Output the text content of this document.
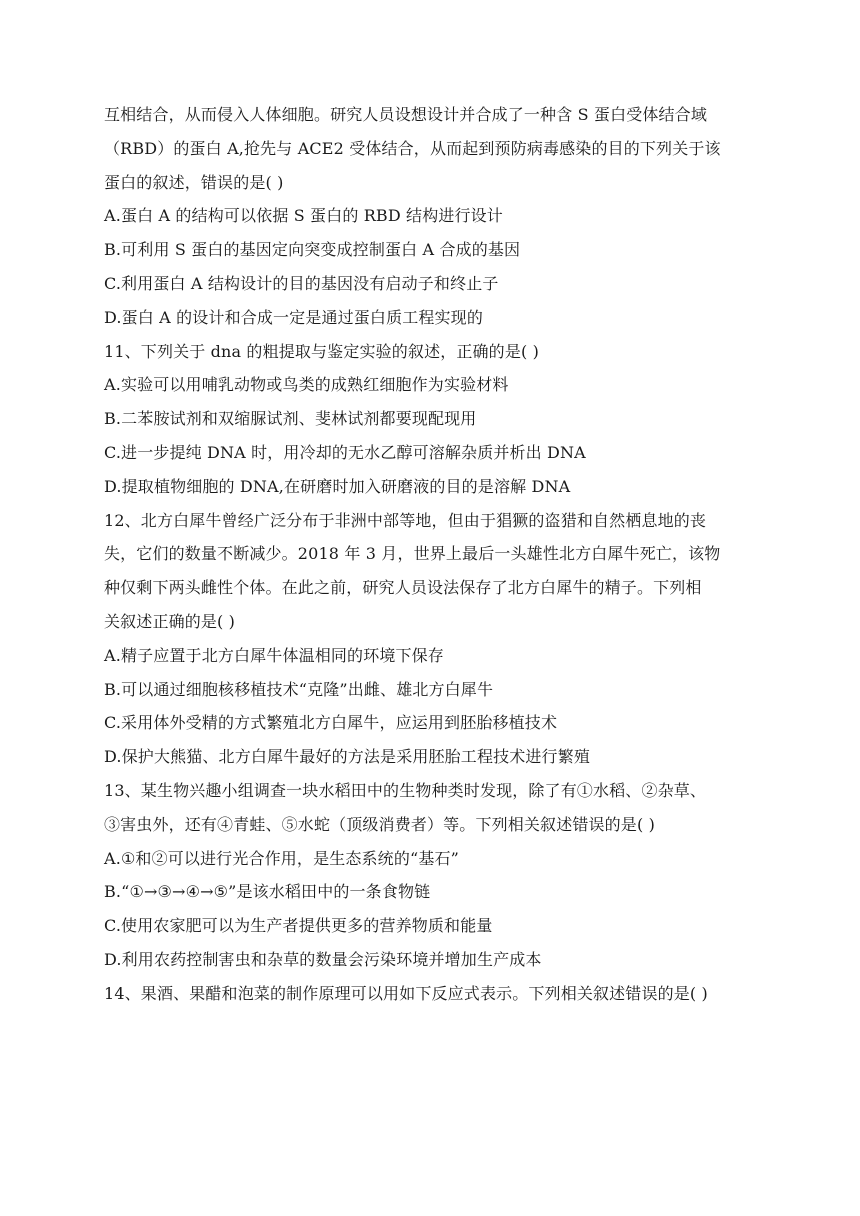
互相结合，从而侵入人体细胞。研究人员设想设计并合成了一种含 S 蛋白受体结合域
（RBD）的蛋白 A,抢先与 ACE2 受体结合，从而起到预防病毒感染的目的下列关于该
蛋白的叙述，错误的是( )
A.蛋白 A 的结构可以依据 S 蛋白的 RBD 结构进行设计
B.可利用 S 蛋白的基因定向突变成控制蛋白 A 合成的基因
C.利用蛋白 A 结构设计的目的基因没有启动子和终止子
D.蛋白 A 的设计和合成一定是通过蛋白质工程实现的
11、下列关于 dna 的粗提取与鉴定实验的叙述，正确的是( )
A.实验可以用哺乳动物或鸟类的成熟红细胞作为实验材料
B.二苯胺试剂和双缩脲试剂、斐林试剂都要现配现用
C.进一步提纯 DNA 时，用冷却的无水乙醇可溶解杂质并析出 DNA
D.提取植物细胞的 DNA,在研磨时加入研磨液的目的是溶解 DNA
12、北方白犀牛曾经广泛分布于非洲中部等地，但由于猖獗的盗猎和自然栖息地的丧
失，它们的数量不断减少。2018 年 3 月，世界上最后一头雄性北方白犀牛死亡，该物
种仅剩下两头雌性个体。在此之前，研究人员设法保存了北方白犀牛的精子。下列相
关叙述正确的是( )
A.精子应置于北方白犀牛体温相同的环境下保存
B.可以通过细胞核移植技术“克隆”出雌、雄北方白犀牛
C.采用体外受精的方式繁殖北方白犀牛，应运用到胚胎移植技术
D.保护大熊猫、北方白犀牛最好的方法是采用胚胎工程技术进行繁殖
13、某生物兴趣小组调查一块水稻田中的生物种类时发现，除了有①水稻、②杂草、
③害虫外，还有④青蛙、⑤水蛇（顶级消费者）等。下列相关叙述错误的是( )
A.①和②可以进行光合作用，是生态系统的“基石”
B.“①→③→④→⑤”是该水稻田中的一条食物链
C.使用农家肥可以为生产者提供更多的营养物质和能量
D.利用农药控制害虫和杂草的数量会污染环境并增加生产成本
14、果酒、果醋和泡菜的制作原理可以用如下反应式表示。下列相关叙述错误的是( )
